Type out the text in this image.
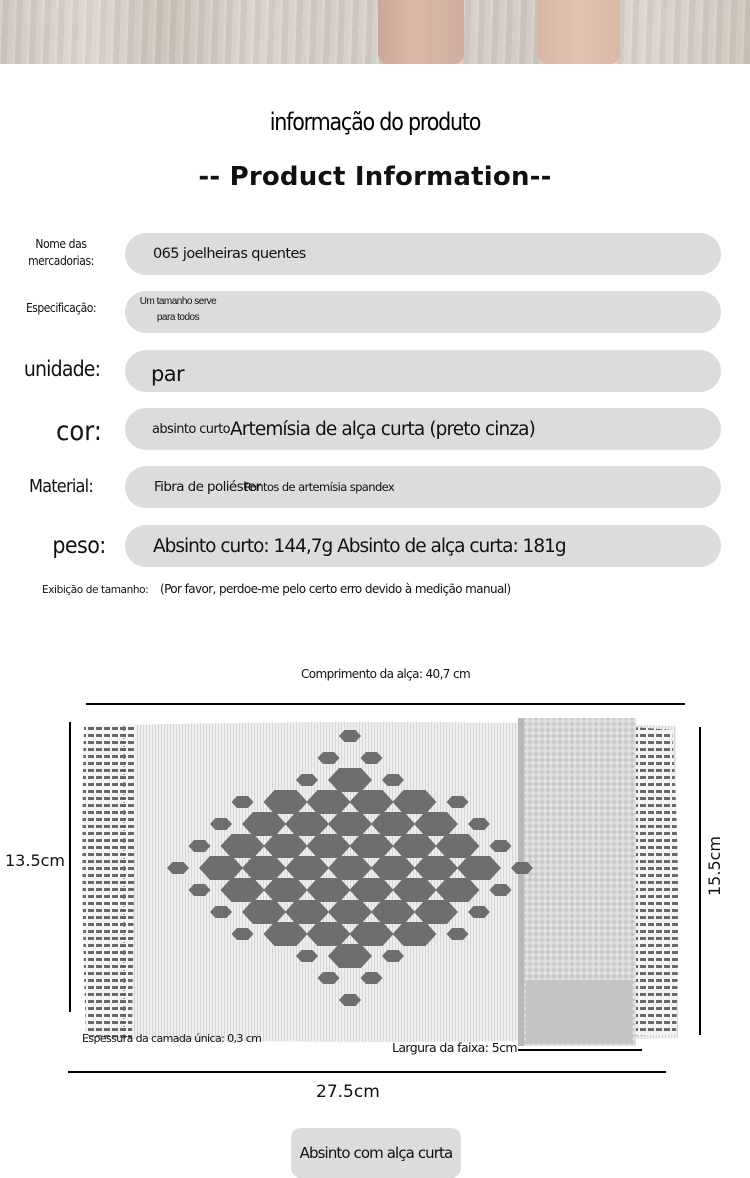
informação do produto
-- Product Information--
Nome das
mercadorias:	065 joelheiras quentes
Especificação:	Um tamanho serve
para todos
unidade:	par
cor:	absinto curto Artemísia de alça curta (preto cinza)
Material:	Fibra de poliéster
Pontos de artemísia spandex
peso:	Absinto curto: 144,7g Absinto de alça curta: 181g
Exibição de tamanho: (Por favor, perdoe-me pelo certo erro devido à medição manual)
Comprimento da alça: 40,7 cm
13.5cm	15.5cm
27.5cm
Espessura da camada única: 0,3 cm
Largura da faixa: 5cm
Absinto com alça curta
